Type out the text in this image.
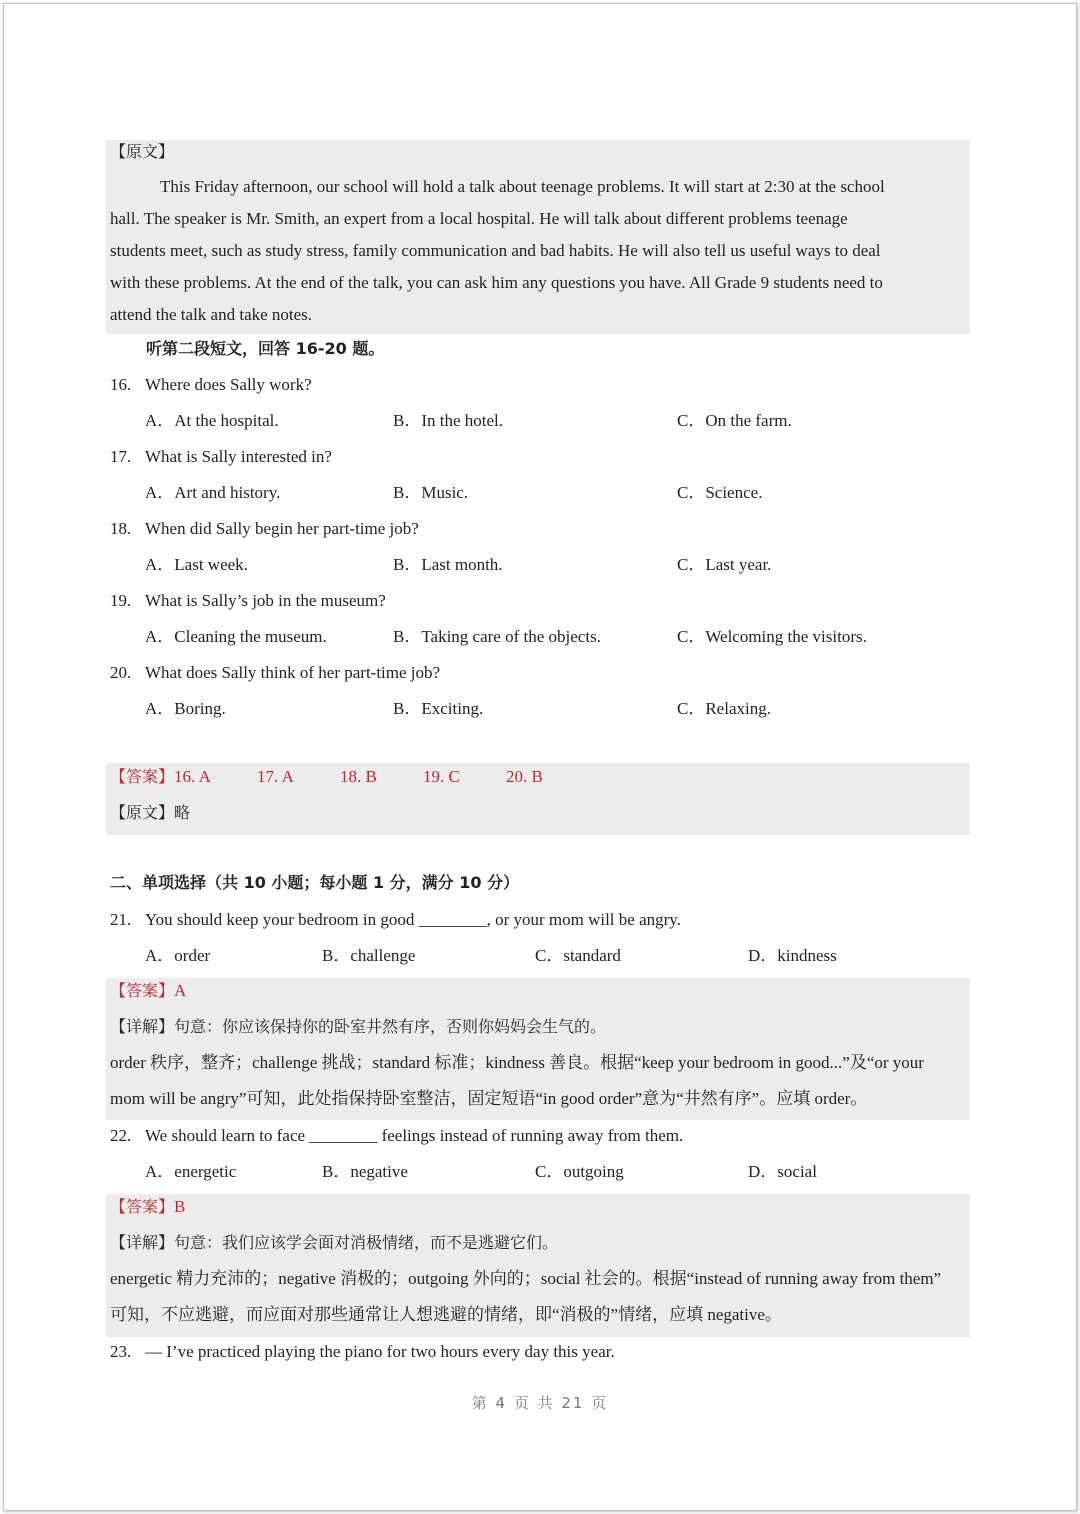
【原文】
This Friday afternoon, our school will hold a talk about teenage problems. It will start at 2:30 at the school
hall. The speaker is Mr. Smith, an expert from a local hospital. He will talk about different problems teenage
students meet, such as study stress, family communication and bad habits. He will also tell us useful ways to deal
with these problems. At the end of the talk, you can ask him any questions you have. All Grade 9 students need to
attend the talk and take notes.
听第二段短文，回答 16-20 题。
16. Where does Sally work?
A．At the hospital.	B．In the hotel.	C．On the farm.
17. What is Sally interested in?
A．Art and history.	B．Music.	C．Science.
18. When did Sally begin her part-time job?
A．Last week.	B．Last month.	C．Last year.
19. What is Sally’s job in the museum?
A．Cleaning the museum.	B．Taking care of the objects.	C．Welcoming the visitors.
20. What does Sally think of her part-time job?
A．Boring.	B．Exciting.	C．Relaxing.
【答案】16. A	17. A	18. B	19. C	20. B
【原文】略
二、单项选择（共 10 小题；每小题 1 分，满分 10 分）
21. You should keep your bedroom in good ________, or your mom will be angry.
A．order	B．challenge	C．standard	D．kindness
【答案】A
【详解】句意：你应该保持你的卧室井然有序，否则你妈妈会生气的。
order 秩序，整齐；challenge 挑战；standard 标准；kindness 善良。根据“keep your bedroom in good...”及“or your
mom will be angry”可知，此处指保持卧室整洁，固定短语“in good order”意为“井然有序”。应填 order。
22. We should learn to face ________ feelings instead of running away from them.
A．energetic	B．negative	C．outgoing	D．social
【答案】B
【详解】句意：我们应该学会面对消极情绪，而不是逃避它们。
energetic 精力充沛的；negative 消极的；outgoing 外向的；social 社会的。根据“instead of running away from them”
可知，不应逃避，而应面对那些通常让人想逃避的情绪，即“消极的”情绪，应填 negative。
23. — I’ve practiced playing the piano for two hours every day this year.
第 4 页 共 21 页
